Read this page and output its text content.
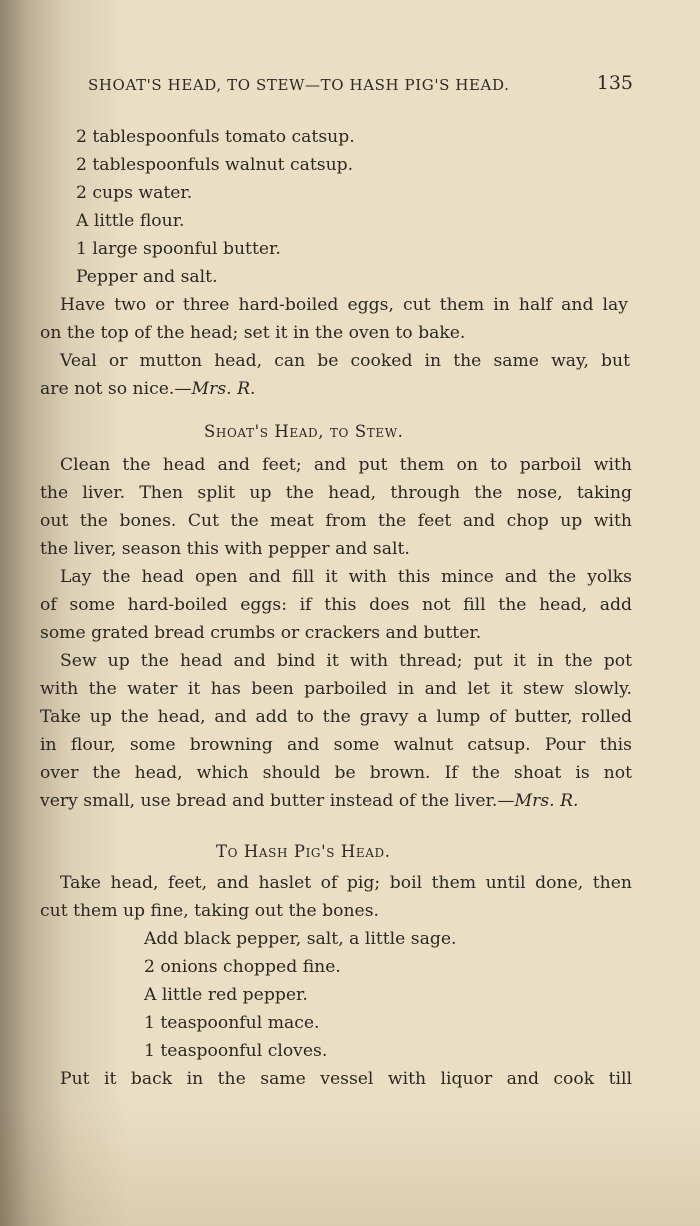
SHOAT'S HEAD, TO STEW—TO HASH PIG'S HEAD.	135
2 tablespoonfuls tomato catsup.
2 tablespoonfuls walnut catsup.
2 cups water.
A little flour.
1 large spoonful butter.
Pepper and salt.
Have two or three hard-boiled eggs, cut them in half and lay
on the top of the head; set it in the oven to bake.
Veal or mutton head, can be cooked in the same way, but
are not so nice.—Mrs. R.
Shoat's Head, to Stew.
Clean the head and feet; and put them on to parboil with
the liver. Then split up the head, through the nose, taking
out the bones. Cut the meat from the feet and chop up with
the liver, season this with pepper and salt.
Lay the head open and fill it with this mince and the yolks
of some hard-boiled eggs: if this does not fill the head, add
some grated bread crumbs or crackers and butter.
Sew up the head and bind it with thread; put it in the pot
with the water it has been parboiled in and let it stew slowly.
Take up the head, and add to the gravy a lump of butter, rolled
in flour, some browning and some walnut catsup. Pour this
over the head, which should be brown. If the shoat is not
very small, use bread and butter instead of the liver.—Mrs. R.
To Hash Pig's Head.
Take head, feet, and haslet of pig; boil them until done, then
cut them up fine, taking out the bones.
Add black pepper, salt, a little sage.
2 onions chopped fine.
A little red pepper.
1 teaspoonful mace.
1 teaspoonful cloves.
Put it back in the same vessel with liquor and cook till
